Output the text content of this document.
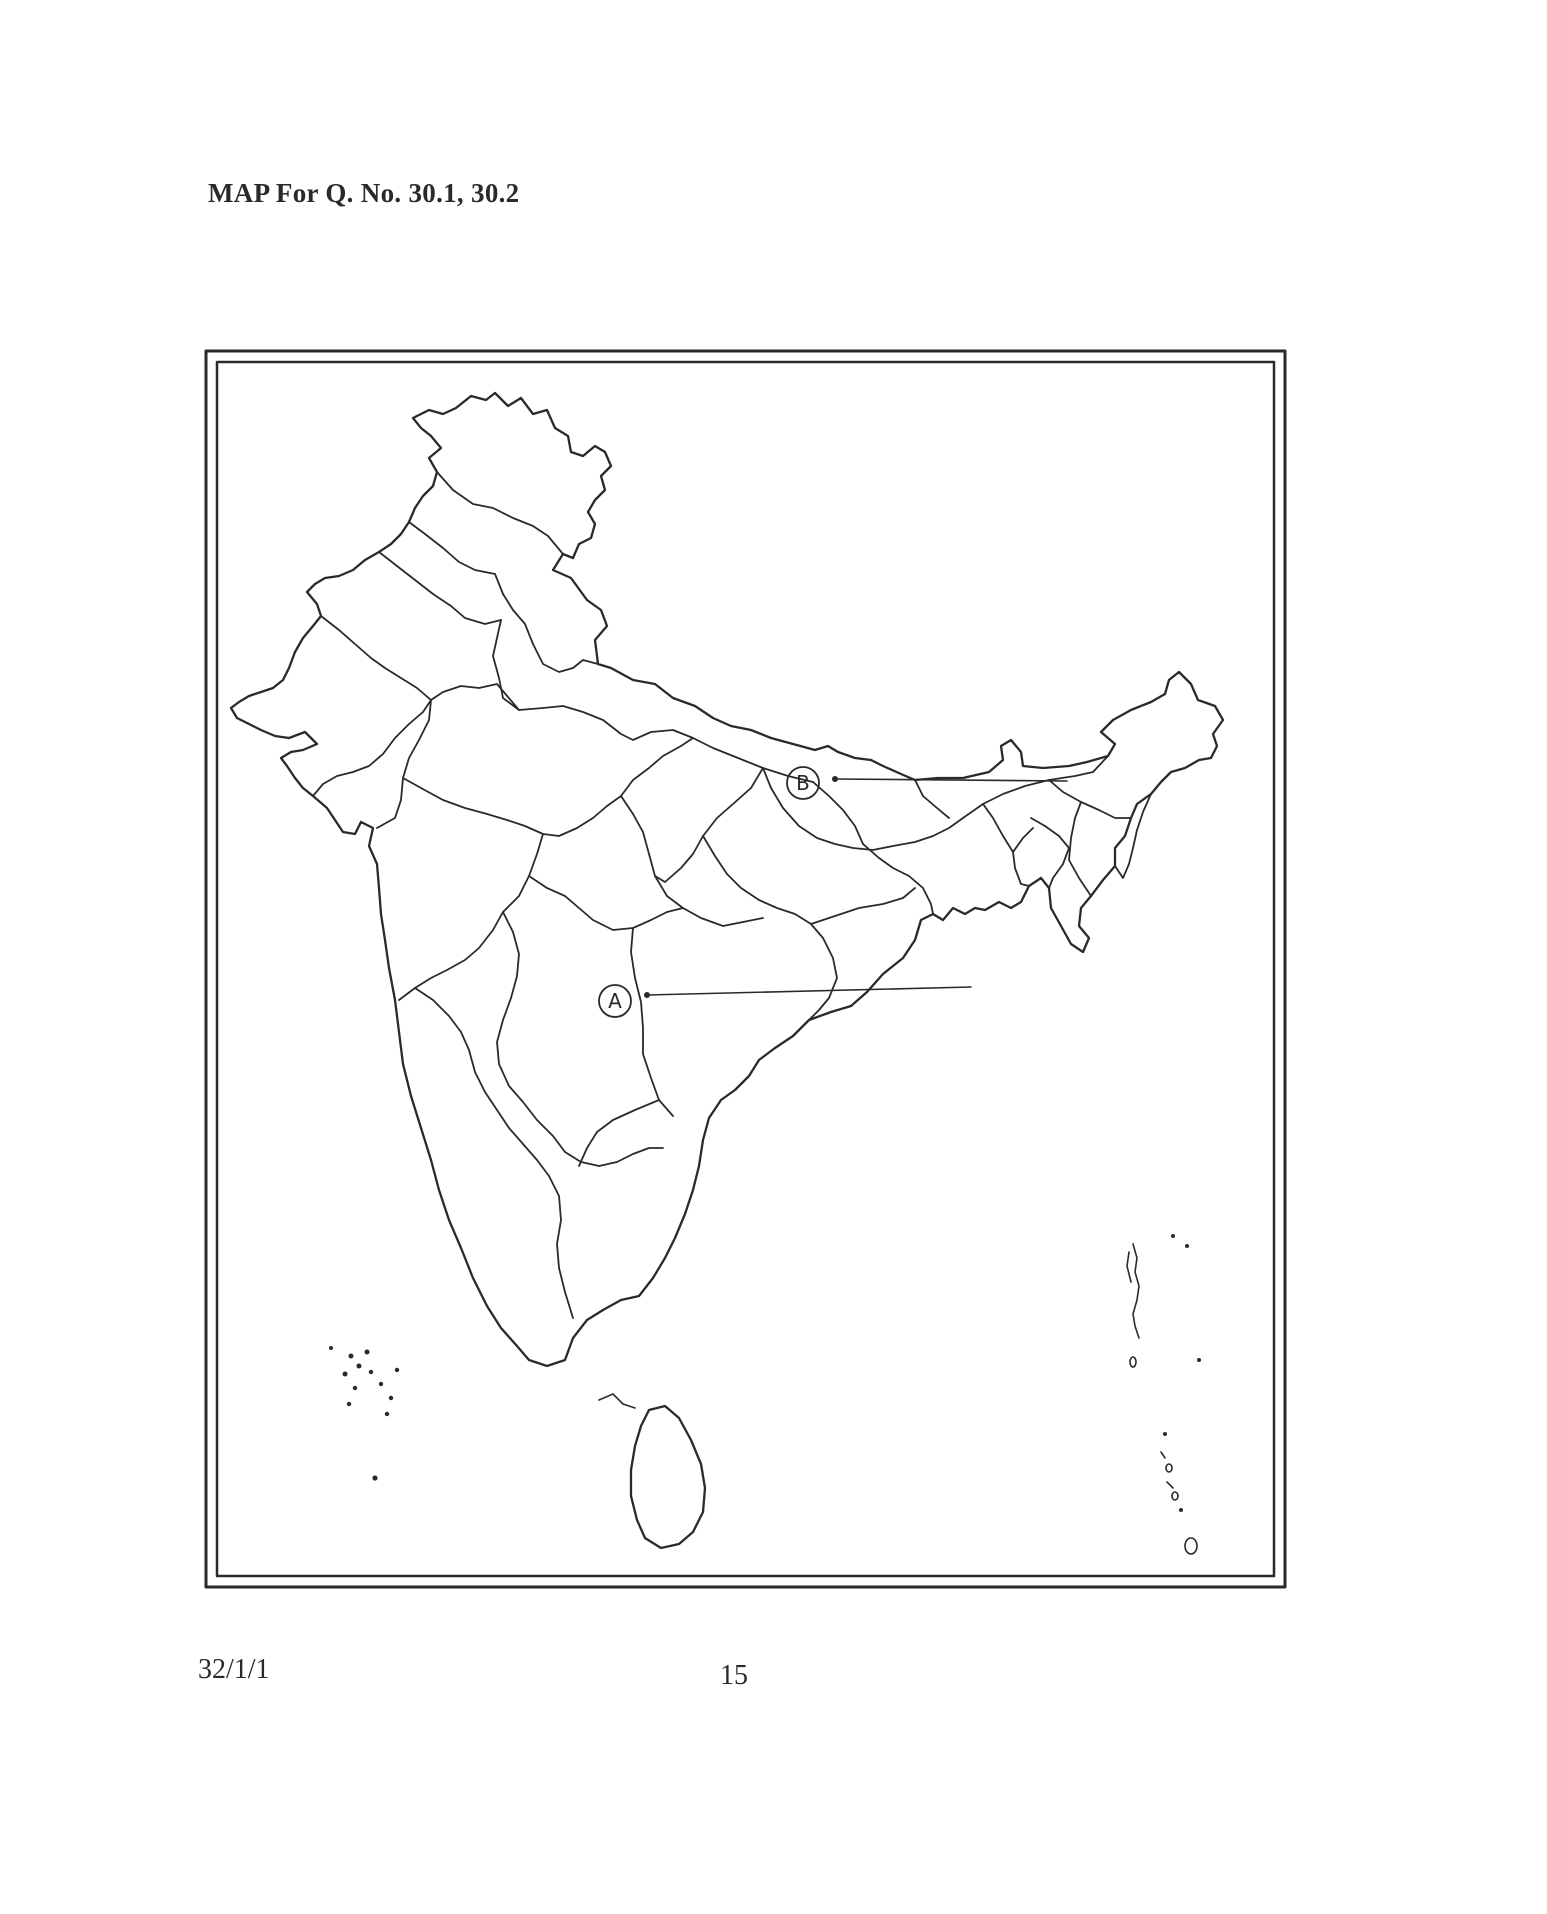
MAP For Q. No. 30.1, 30.2
A
B
32/1/1	15
